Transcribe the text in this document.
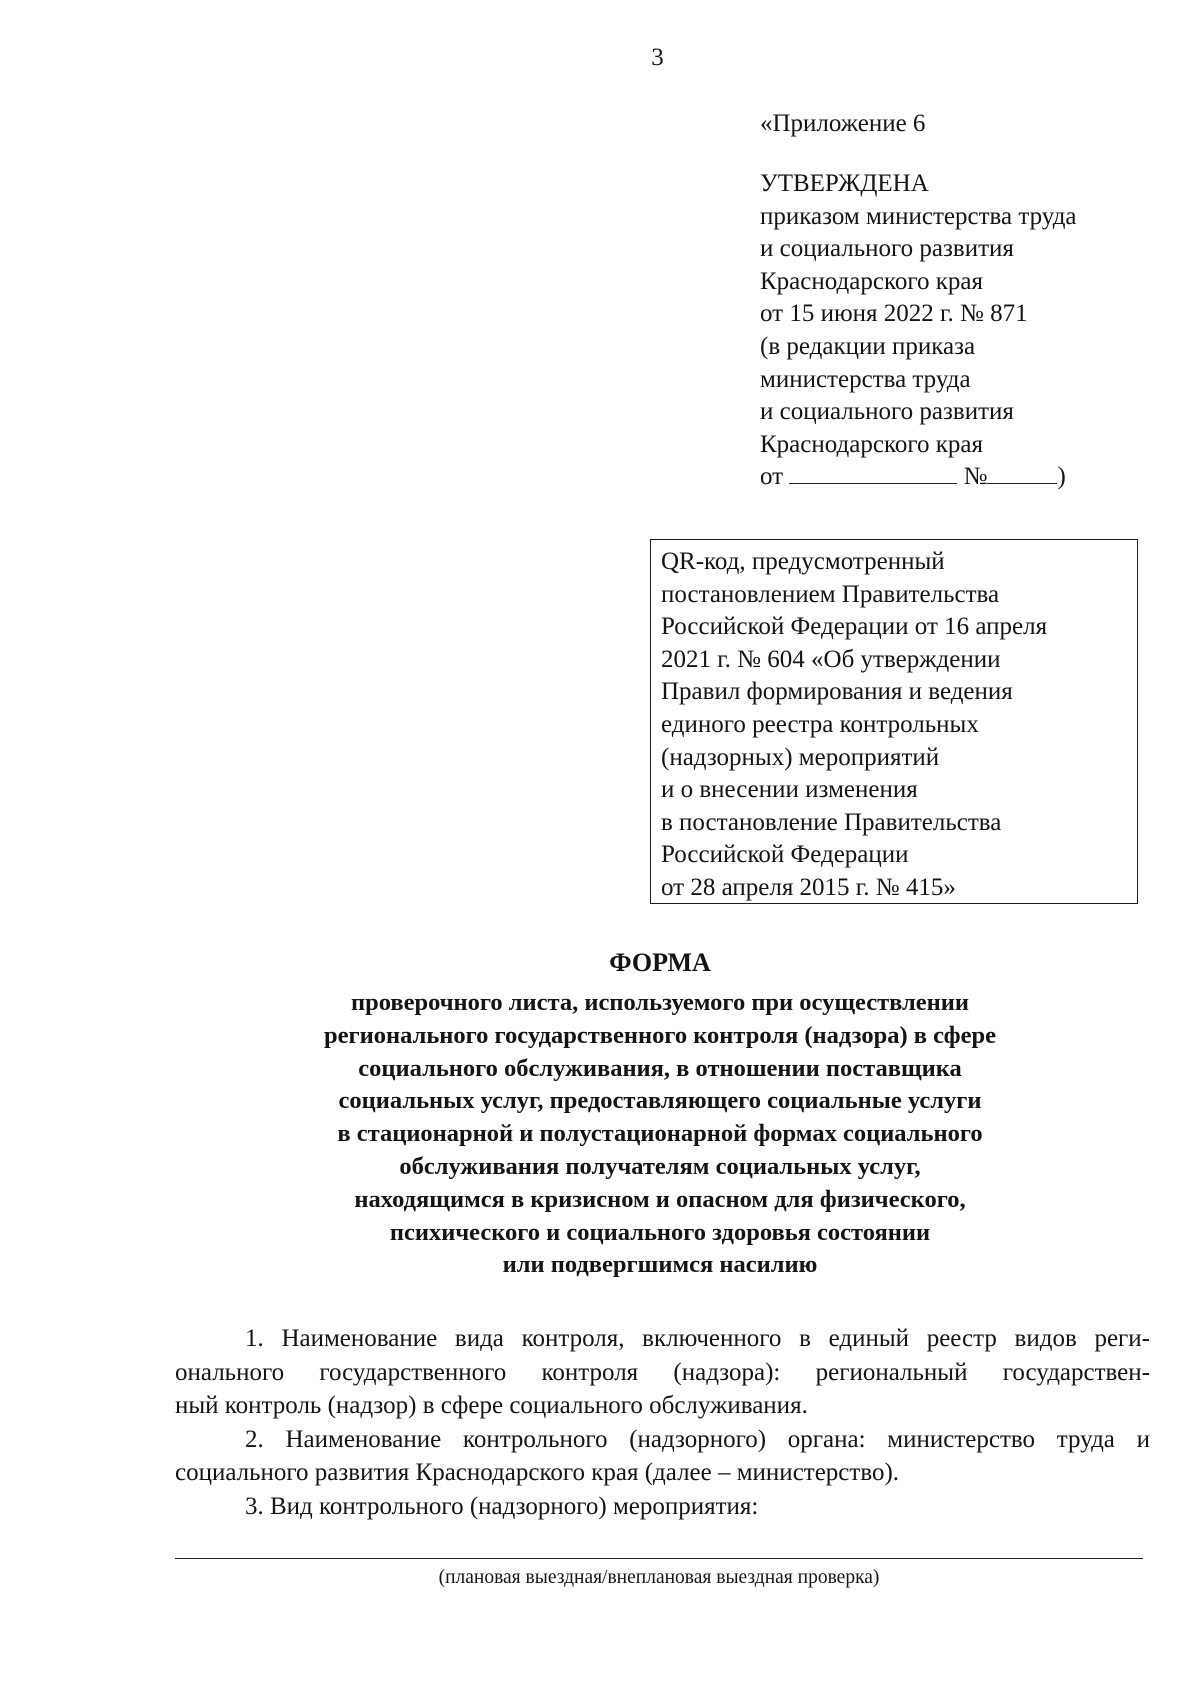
3
«Приложение 6
УТВЕРЖДЕНА
приказом министерства труда
и социального развития
Краснодарского края
от 15 июня 2022 г. № 871
(в редакции приказа
министерства труда
и социального развития
Краснодарского края
от	№	)
QR-код, предусмотренный
постановлением Правительства
Российской Федерации от 16 апреля
2021 г. № 604 «Об утверждении
Правил формирования и ведения
единого реестра контрольных
(надзорных) мероприятий
и о внесении изменения
в постановление Правительства
Российской Федерации
от 28 апреля 2015 г. № 415»
ФОРМА
проверочного листа, используемого при осуществлении
регионального государственного контроля (надзора) в сфере
социального обслуживания, в отношении поставщика
социальных услуг, предоставляющего социальные услуги
в стационарной и полустационарной формах социального
обслуживания получателям социальных услуг,
находящимся в кризисном и опасном для физического,
психического и социального здоровья состоянии
или подвергшимся насилию
1. Наименование вида контроля, включенного в единый реестр видов реги-
онального государственного контроля (надзора): региональный государствен-
ный контроль (надзор) в сфере социального обслуживания.
2. Наименование контрольного (надзорного) органа: министерство труда и
социального развития Краснодарского края (далее – министерство).
3. Вид контрольного (надзорного) мероприятия:
(плановая выездная/внеплановая выездная проверка)
